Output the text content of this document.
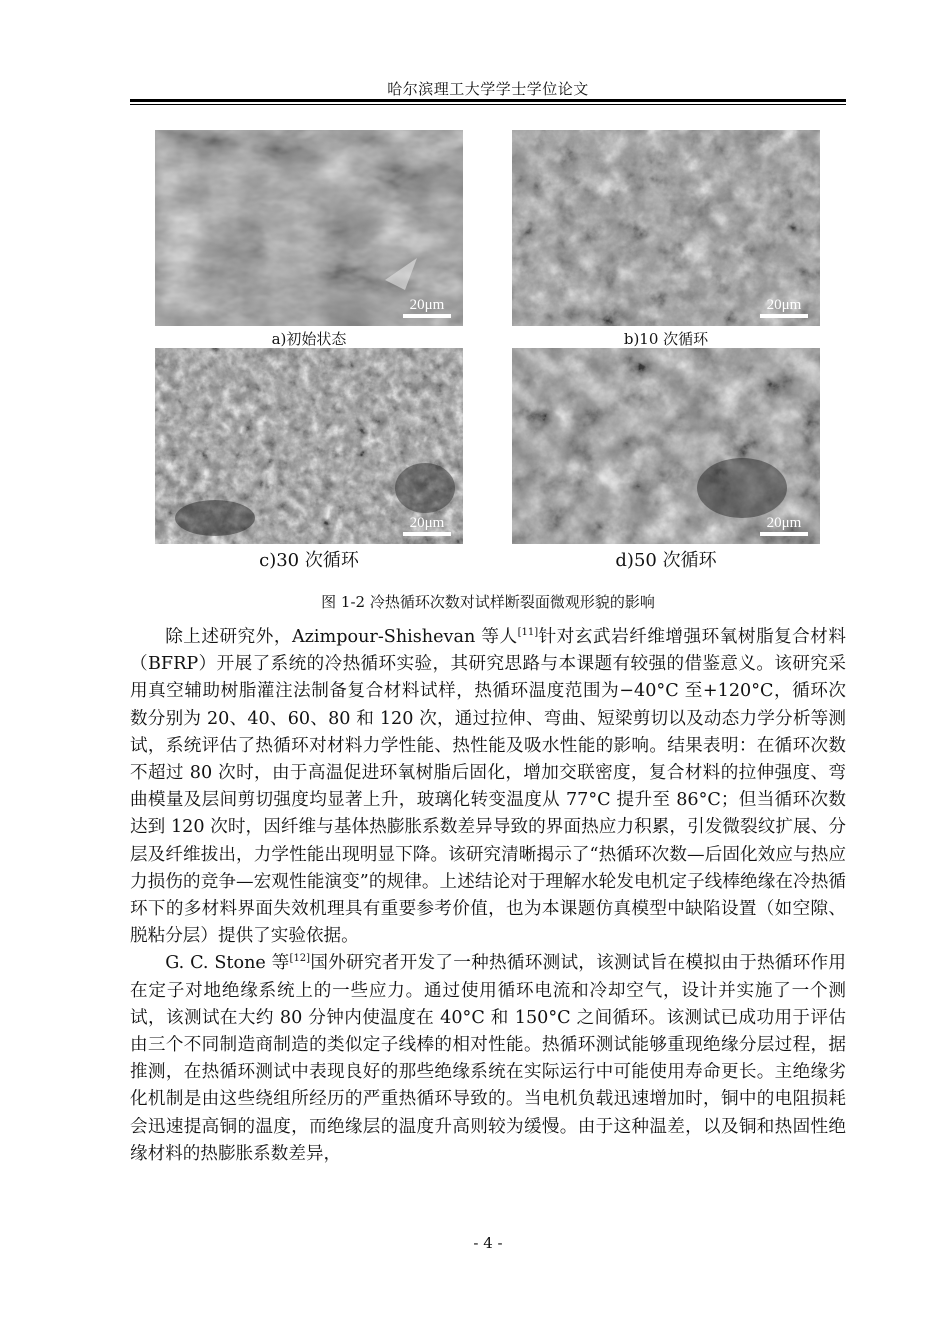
哈尔滨理工大学学士学位论文
20μm
a)初始状态
20μm
b)10 次循环
20μm
c)30 次循环
20μm
d)50 次循环
图 1-2 冷热循环次数对试样断裂面微观形貌的影响

除上述研究外，Azimpour-Shishevan 等人[11]针对玄武岩纤维增强环氧树脂复合材料（BFRP）开展了系统的冷热循环实验，其研究思路与本课题有较强的借鉴意义。该研究采用真空辅助树脂灌注法制备复合材料试样，热循环温度范围为−40°C 至+120°C，循环次数分别为 20、40、60、80 和 120 次，通过拉伸、弯曲、短梁剪切以及动态力学分析等测试，系统评估了热循环对材料力学性能、热性能及吸水性能的影响。结果表明：在循环次数不超过 80 次时，由于高温促进环氧树脂后固化，增加交联密度，复合材料的拉伸强度、弯曲模量及层间剪切强度均显著上升，玻璃化转变温度从 77°C 提升至 86°C；但当循环次数达到 120 次时，因纤维与基体热膨胀系数差异导致的界面热应力积累，引发微裂纹扩展、分层及纤维拔出，力学性能出现明显下降。该研究清晰揭示了“热循环次数—后固化效应与热应力损伤的竞争—宏观性能演变”的规律。上述结论对于理解水轮发电机定子线棒绝缘在冷热循环下的多材料界面失效机理具有重要参考价值，也为本课题仿真模型中缺陷设置（如空隙、脱粘分层）提供了实验依据。

G. C. Stone 等[12]国外研究者开发了一种热循环测试，该测试旨在模拟由于热循环作用在定子对地绝缘系统上的一些应力。通过使用循环电流和冷却空气，设计并实施了一个测试，该测试在大约 80 分钟内使温度在 40°C 和 150°C 之间循环。该测试已成功用于评估由三个不同制造商制造的类似定子线棒的相对性能。热循环测试能够重现绝缘分层过程，据推测，在热循环测试中表现良好的那些绝缘系统在实际运行中可能使用寿命更长。主绝缘劣化机制是由这些绕组所经历的严重热循环导致的。当电机负载迅速增加时，铜中的电阻损耗会迅速提高铜的温度，而绝缘层的温度升高则较为缓慢。由于这种温差，以及铜和热固性绝缘材料的热膨胀系数差异，

- 4 -
